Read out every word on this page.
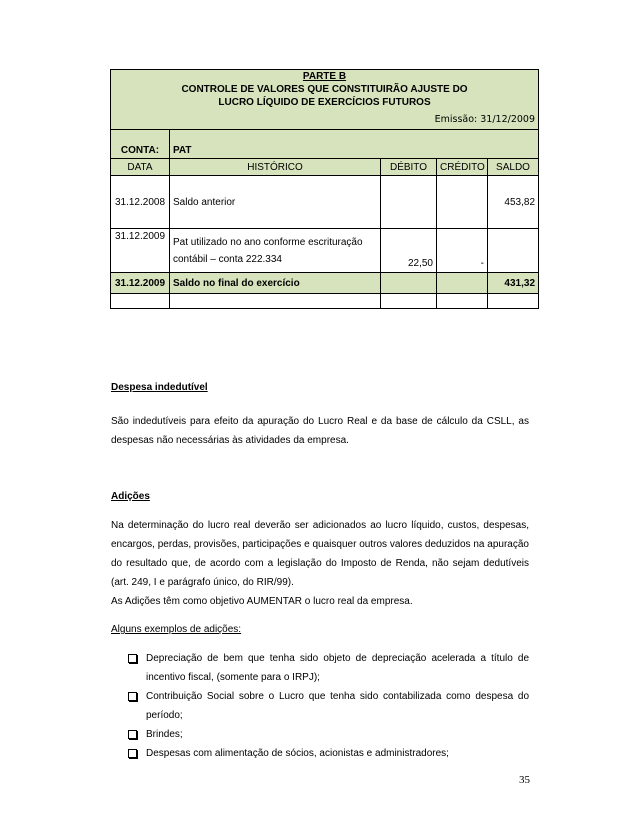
PARTE B
CONTROLE DE VALORES QUE CONSTITUIRÃO AJUSTE DO
LUCRO LÍQUIDO DE EXERCÍCIOS FUTUROS				

Emissão: 31/12/2009				

CONTA:	PAT			
DATA	HISTÓRICO	DÉBITO	CRÉDITO	SALDO
31.12.2008	Saldo anterior			453,82
31.12.2009	Pat utilizado no ano conforme escrituração
contábil – conta 222.334	22,50	-	
31.12.2009	Saldo no final do exercício			431,32

Despesa indedutível
São indedutíveis para efeito da apuração do Lucro Real e da base de cálculo da CSLL, as despesas não necessárias às atividades da empresa.
Adições
Na determinação do lucro real deverão ser adicionados ao lucro líquido, custos, despesas, encargos, perdas, provisões, participações e quaisquer outros valores deduzidos na apuração do resultado que, de acordo com a legislação do Imposto de Renda, não sejam dedutíveis (art. 249, I e parágrafo único, do RIR/99).
As Adições têm como objetivo AUMENTAR o lucro real da empresa.
Alguns exemplos de adições:
Depreciação de bem que tenha sido objeto de depreciação acelerada a título de incentivo fiscal, (somente para o IRPJ);
Contribuição Social sobre o Lucro que tenha sido contabilizada como despesa do período;
Brindes;
Despesas com alimentação de sócios, acionistas e administradores;
35
